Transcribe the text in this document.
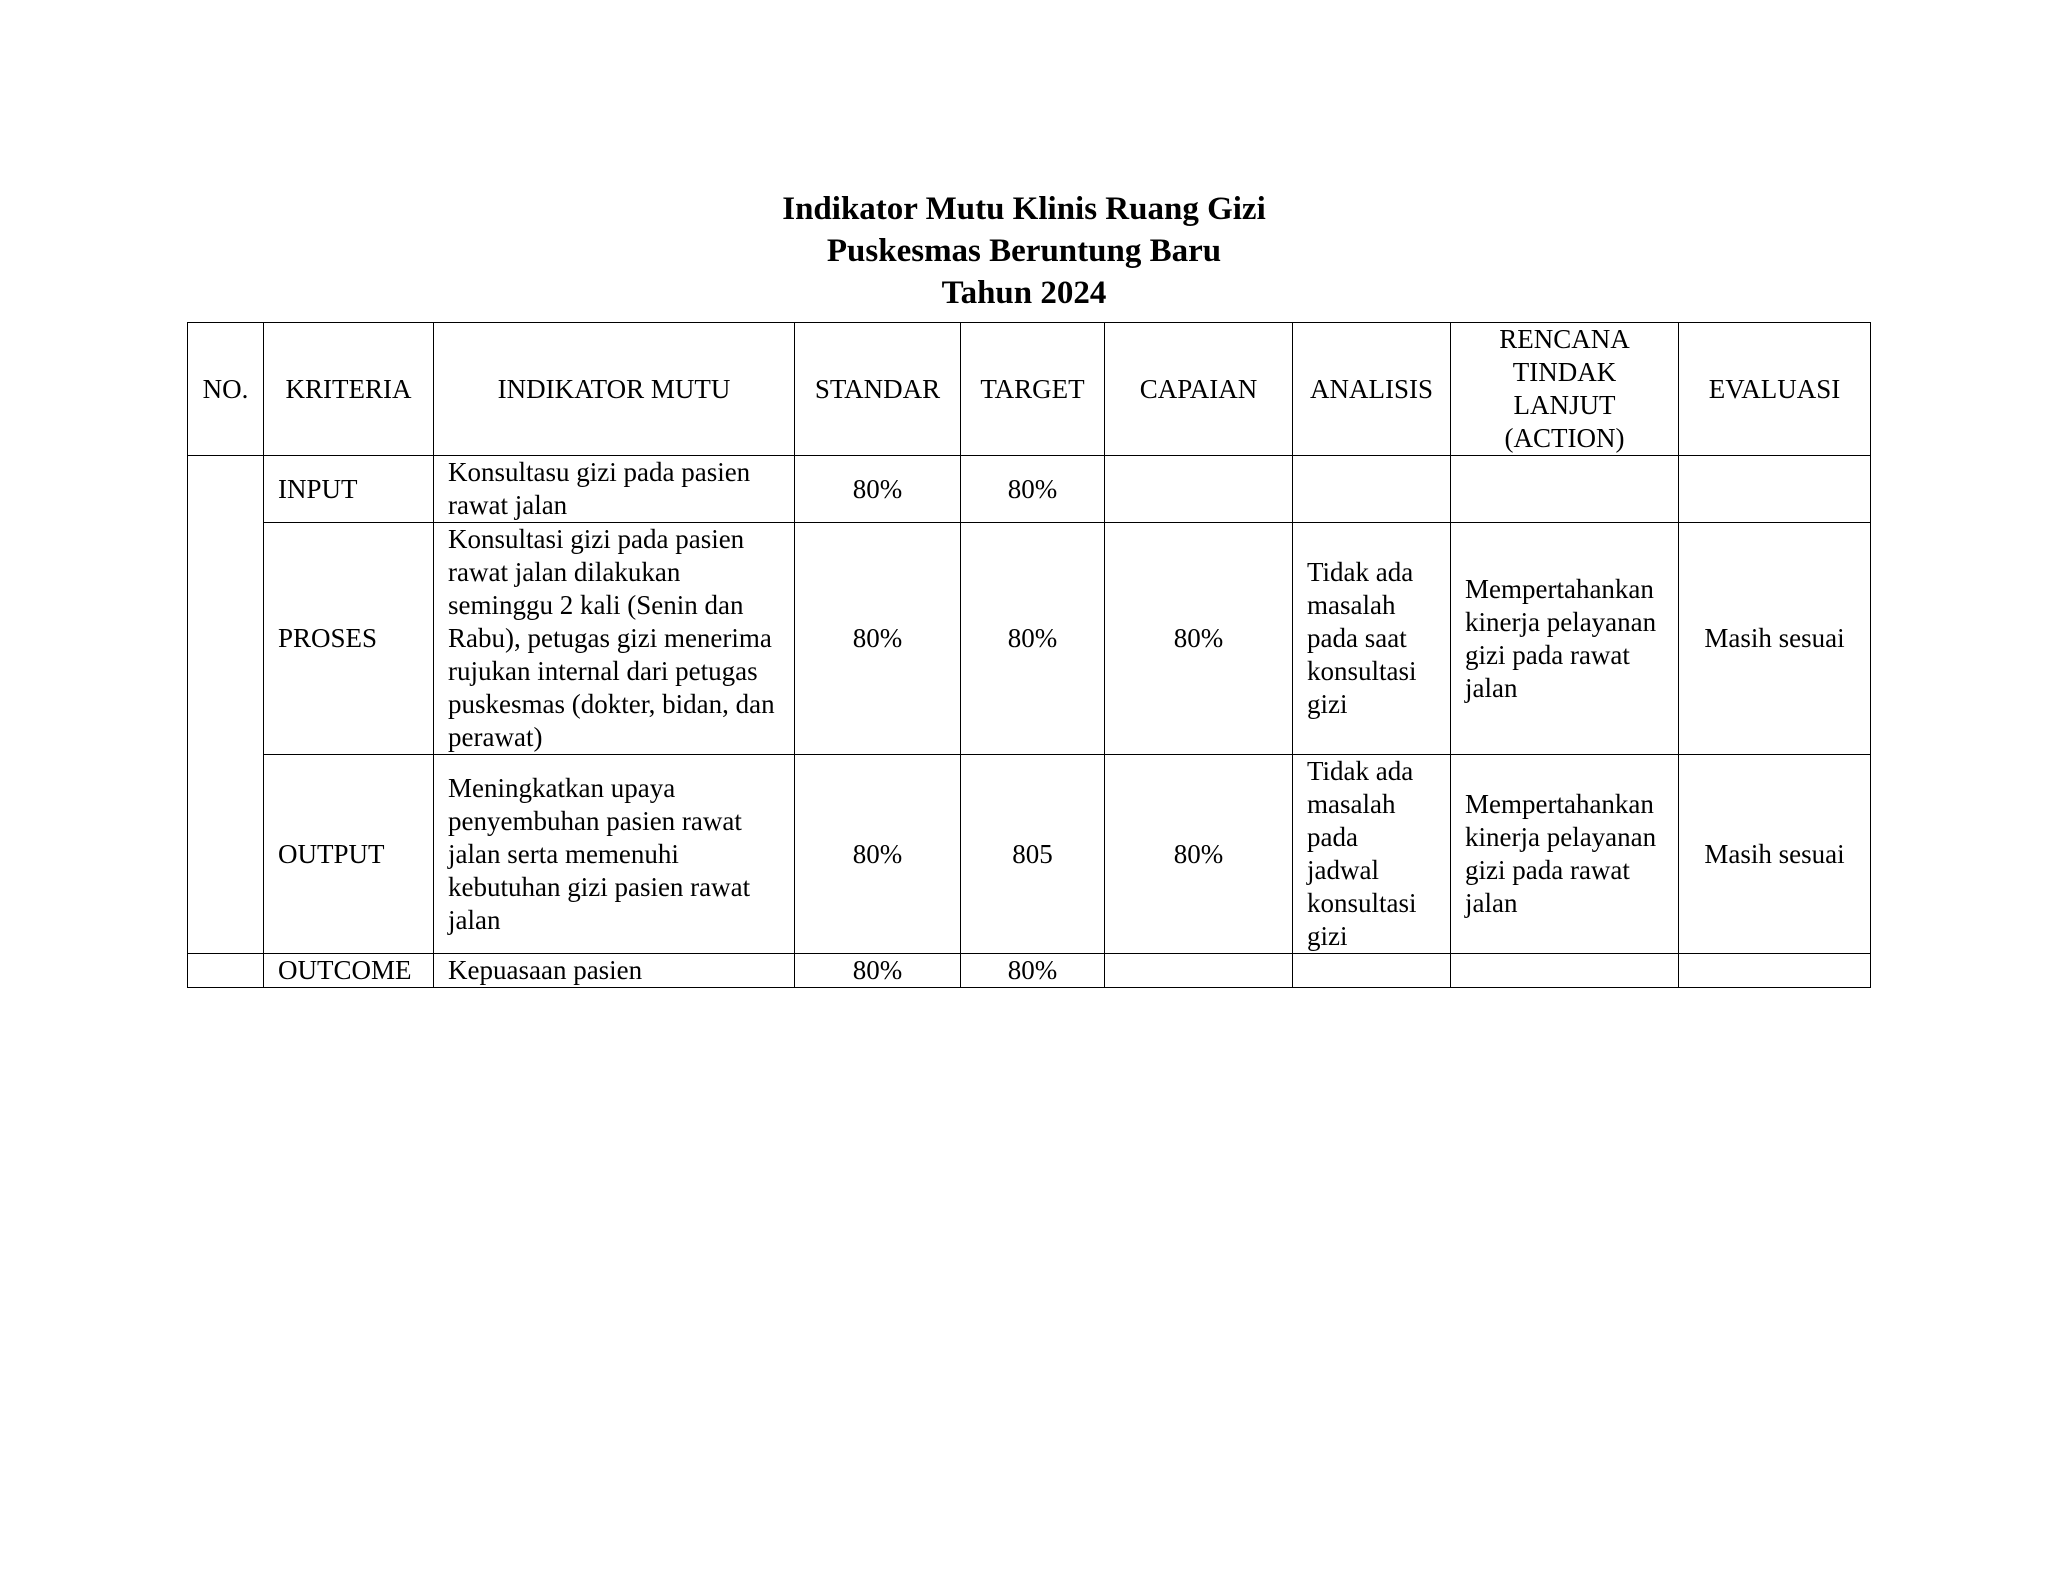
Indikator Mutu Klinis Ruang Gizi
Puskesmas Beruntung Baru
Tahun 2024
NO.	KRITERIA	INDIKATOR MUTU	STANDAR	TARGET	CAPAIAN	ANALISIS	RENCANA TINDAK LANJUT (ACTION)	EVALUASI
	INPUT	Konsultasu gizi pada pasien rawat jalan	80%	80%				
	PROSES	Konsultasi gizi pada pasien rawat jalan dilakukan seminggu 2 kali (Senin dan Rabu), petugas gizi menerima rujukan internal dari petugas puskesmas (dokter, bidan, dan perawat)	80%	80%	80%	Tidak ada masalah pada saat konsultasi gizi	Mempertahankan kinerja pelayanan gizi pada rawat jalan	Masih sesuai
	OUTPUT	Meningkatkan upaya penyembuhan pasien rawat jalan serta memenuhi kebutuhan gizi pasien rawat jalan	80%	805	80%	Tidak ada masalah pada jadwal konsultasi gizi	Mempertahankan kinerja pelayanan gizi pada rawat jalan	Masih sesuai
	OUTCOME	Kepuasaan pasien	80%	80%				
